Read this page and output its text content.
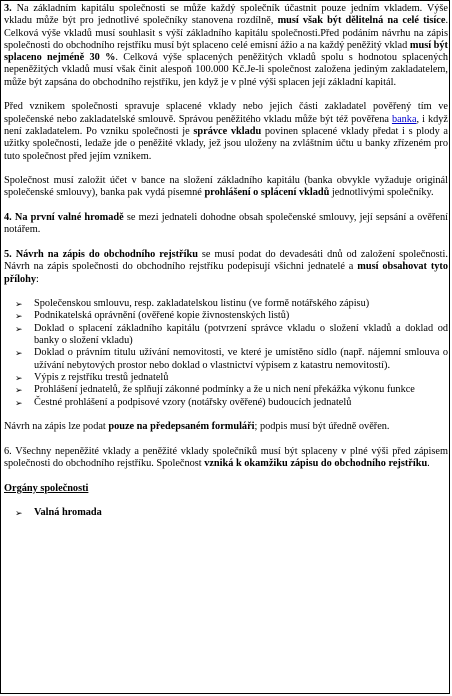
3. Na základním kapitálu společnosti se může každý společník účastnit pouze jedním vkladem. Výše vkladu může být pro jednotlivé společníky stanovena rozdílně, musí však být dělitelná na celé tisíce. Celková výše vkladů musí souhlasit s výší základního kapitálu společnosti.Před podáním návrhu na zápis společnosti do obchodního rejstříku musí být splaceno celé emisní ážio a na každý peněžitý vklad musí být splaceno nejméně 30 %. Celková výše splacených peněžitých vkladů spolu s hodnotou splacených nepeněžitých vkladů musí však činit alespoň 100.000 Kč.Je-li společnost založena jediným zakladatelem, může být zapsána do obchodního rejstříku, jen když je v plné výši splacen její základní kapitál.

Před vznikem společnosti spravuje splacené vklady nebo jejich části zakladatel pověřený tím ve společenské nebo zakladatelské smlouvě. Správou peněžitého vkladu může být též pověřena banka, i když není zakladatelem. Po vzniku společnosti je správce vkladu povinen splacené vklady předat i s plody a užitky společnosti, ledaže jde o peněžité vklady, jež jsou uloženy na zvláštním účtu u banky zřízeném pro tuto společnost před jejím vznikem.

Společnost musí založit účet v bance na složení základního kapitálu (banka obvykle vyžaduje originál společenské smlouvy), banka pak vydá písemné prohlášení o splácení vkladů jednotlivými společníky.

4. Na první valné hromadě se mezi jednateli dohodne obsah společenské smlouvy, její sepsání a ověření notářem.

5. Návrh na zápis do obchodního rejstříku se musí podat do devadesáti dnů od založení společnosti. Návrh na zápis společnosti do obchodního rejstříku podepisují všichni jednatelé a musí obsahovat tyto přílohy:

➢ Společenskou smlouvu, resp. zakladatelskou listinu (ve formě notářského zápisu)
➢ Podnikatelská oprávnění (ověřené kopie živnostenských listů)
➢ Doklad o splacení základního kapitálu (potvrzení správce vkladu o složení vkladů a doklad od banky o složení vkladu)
➢ Doklad o právním titulu užívání nemovitosti, ve které je umístěno sídlo (např. nájemní smlouva o užívání nebytových prostor nebo doklad o vlastnictví výpisem z katastru nemovitostí).
➢ Výpis z rejstříku trestů jednatelů
➢ Prohlášení jednatelů, že splňují zákonné podmínky a že u nich není překážka výkonu funkce
➢ Čestné prohlášení a podpisové vzory (notářsky ověřené) budoucích jednatelů

Návrh na zápis lze podat pouze na předepsaném formuláři; podpis musí být úředně ověřen.

6. Všechny nepeněžité vklady a peněžité vklady společníků musí být splaceny v plné výši před zápisem společnosti do obchodního rejstříku. Společnost vzniká k okamžiku zápisu do obchodního rejstříku.

Orgány společnosti

➢ Valná hromada
